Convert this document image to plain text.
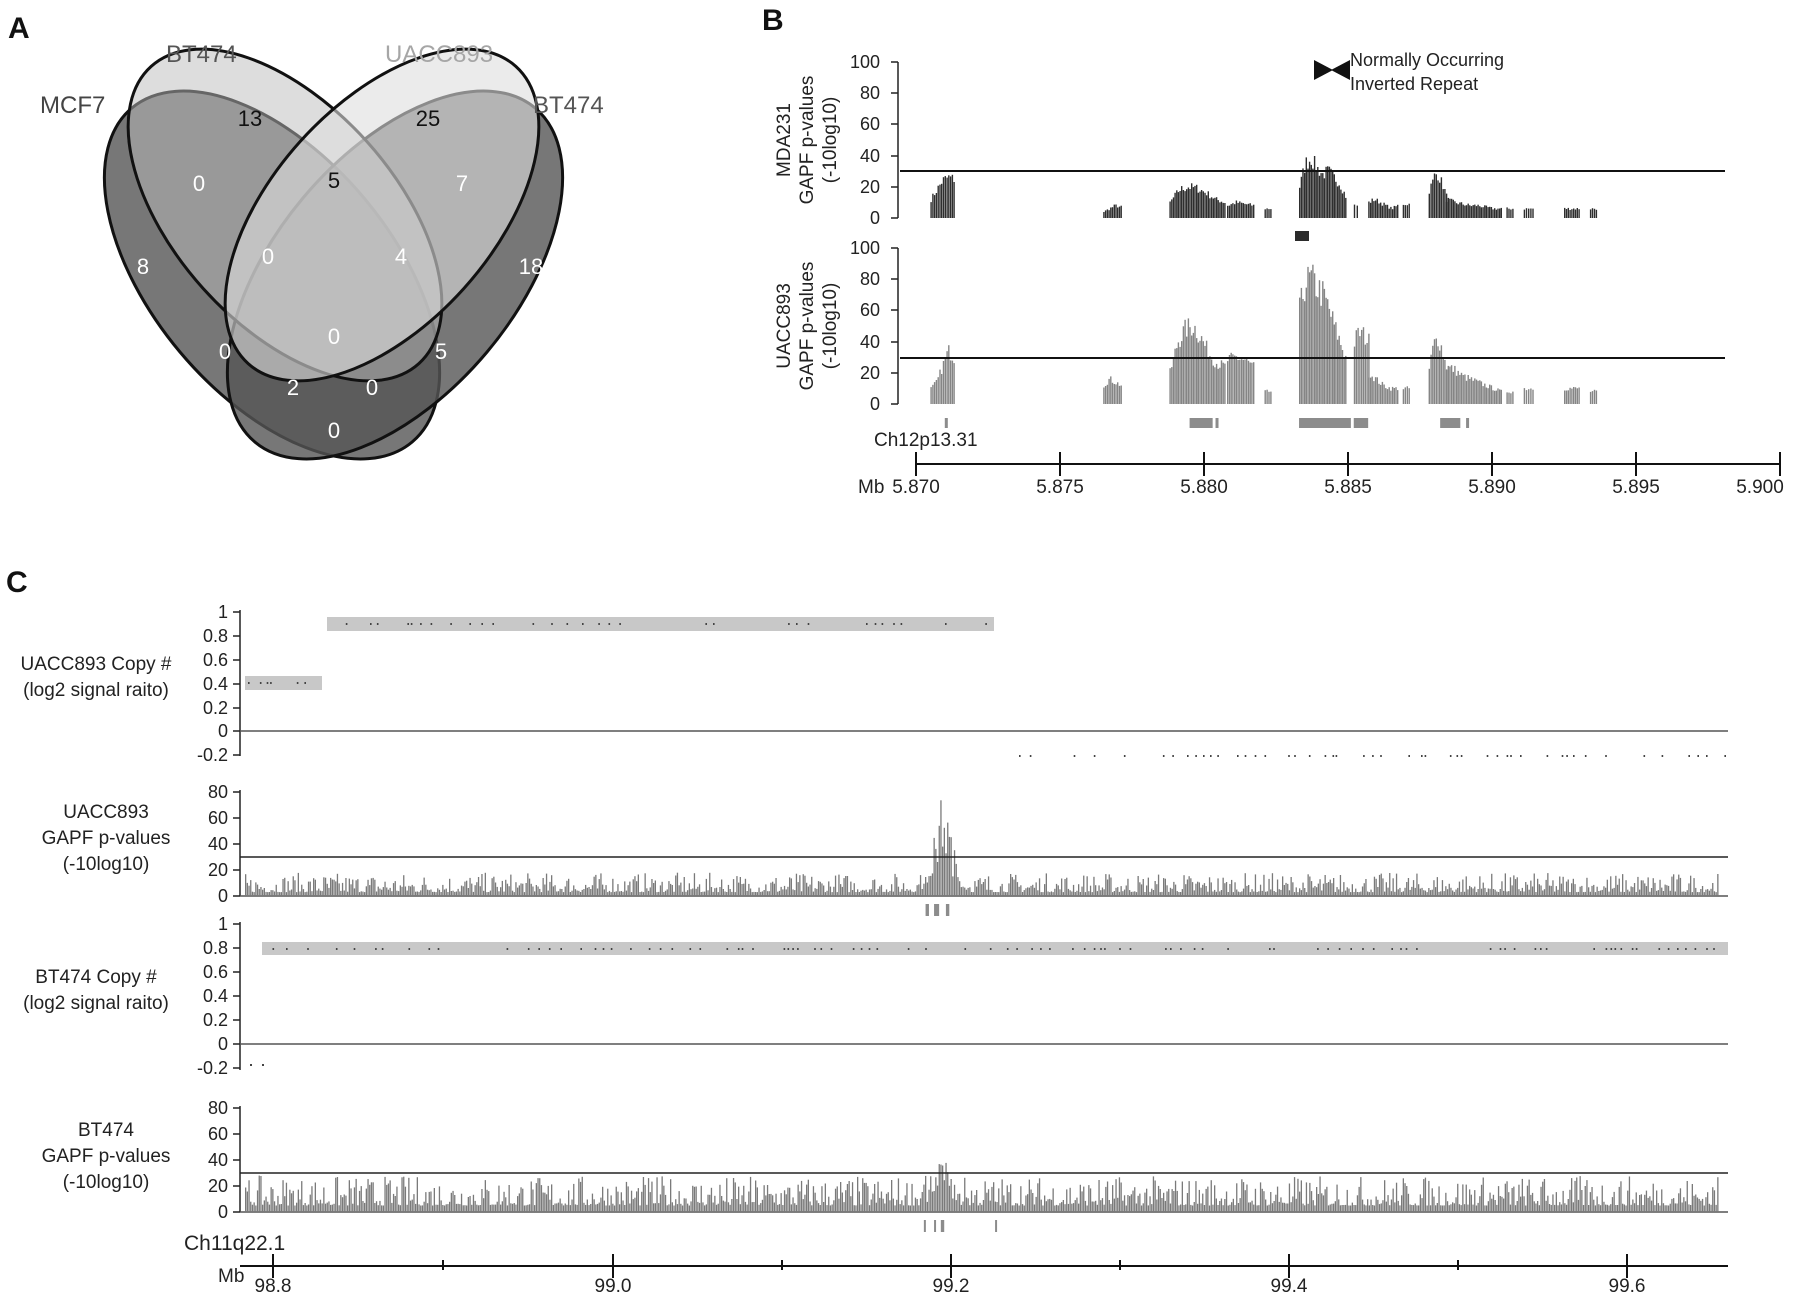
A
MCF7
BT474	UACC893
BT474
8
13	25
18
0	5	7
0	4
0	5
0
2	0
0
B
Normally Occurring
Inverted Repeat
0
20
40
60
80
100
MDA231 GAPF p-values (-10log10)
0
20
40
60
80
100
UACC893 GAPF p-values (-10log10)
Ch12p13.31
Mb 5.870	5.875	5.880	5.885	5.890	5.895	5.900
C
1
0.8
0.6
0.4
0.2
0
-0.2
UACC893 Copy #
(log2 signal raito)
80
60
40
20
0
UACC893
GAPF p-values
(-10log10)
1
0.8
0.6
0.4
0.2
0
-0.2
BT474 Copy #
(log2 signal raito)
80
60
40
20
0
BT474
GAPF p-values
(-10log10)
Ch11q22.1
Mb 98.8	99.0	99.2	99.4	99.6
